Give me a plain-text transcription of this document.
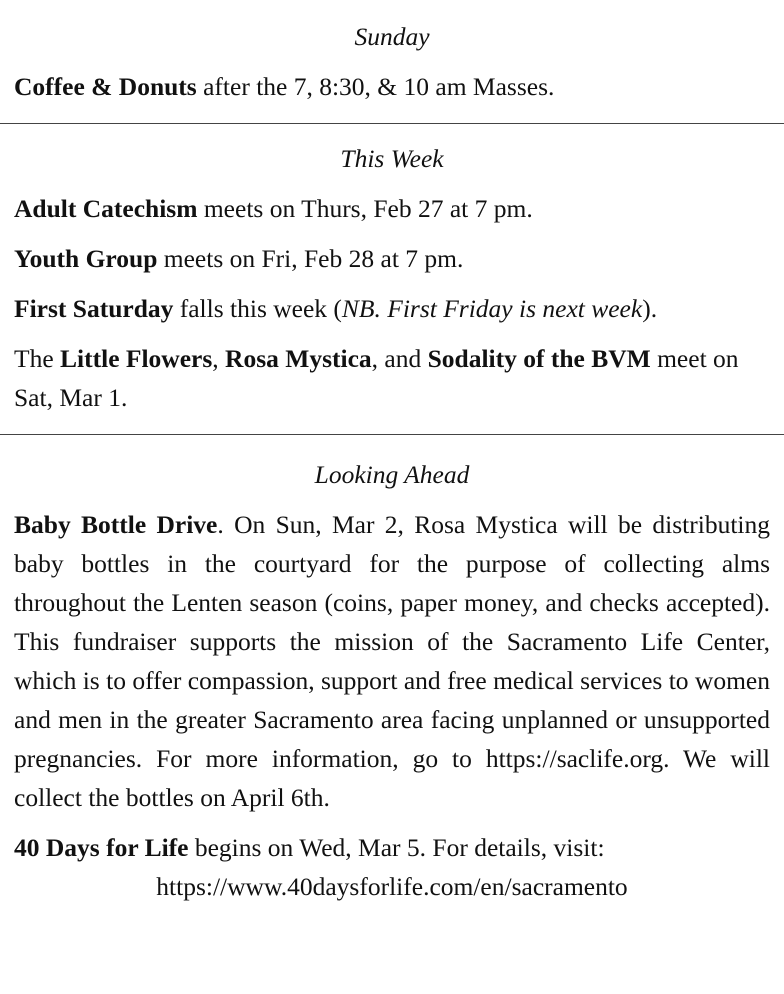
Sunday

Coffee & Donuts after the 7, 8:30, & 10 am Masses.

This Week

Adult Catechism meets on Thurs, Feb 27 at 7 pm.

Youth Group meets on Fri, Feb 28 at 7 pm.

First Saturday falls this week (NB. First Friday is next week).

The Little Flowers, Rosa Mystica, and Sodality of the BVM meet on Sat, Mar 1.

Looking Ahead

Baby Bottle Drive. On Sun, Mar 2, Rosa Mystica will be distributing baby bottles in the courtyard for the purpose of collecting alms throughout the Lenten season (coins, paper money, and checks accepted). This fundraiser supports the mission of the Sacramento Life Center, which is to offer compassion, support and free medical services to women and men in the greater Sacramento area facing unplanned or unsupported pregnancies. For more information, go to https://saclife.org. We will collect the bottles on April 6th.

40 Days for Life begins on Wed, Mar 5. For details, visit:

https://www.40daysforlife.com/en/sacramento
